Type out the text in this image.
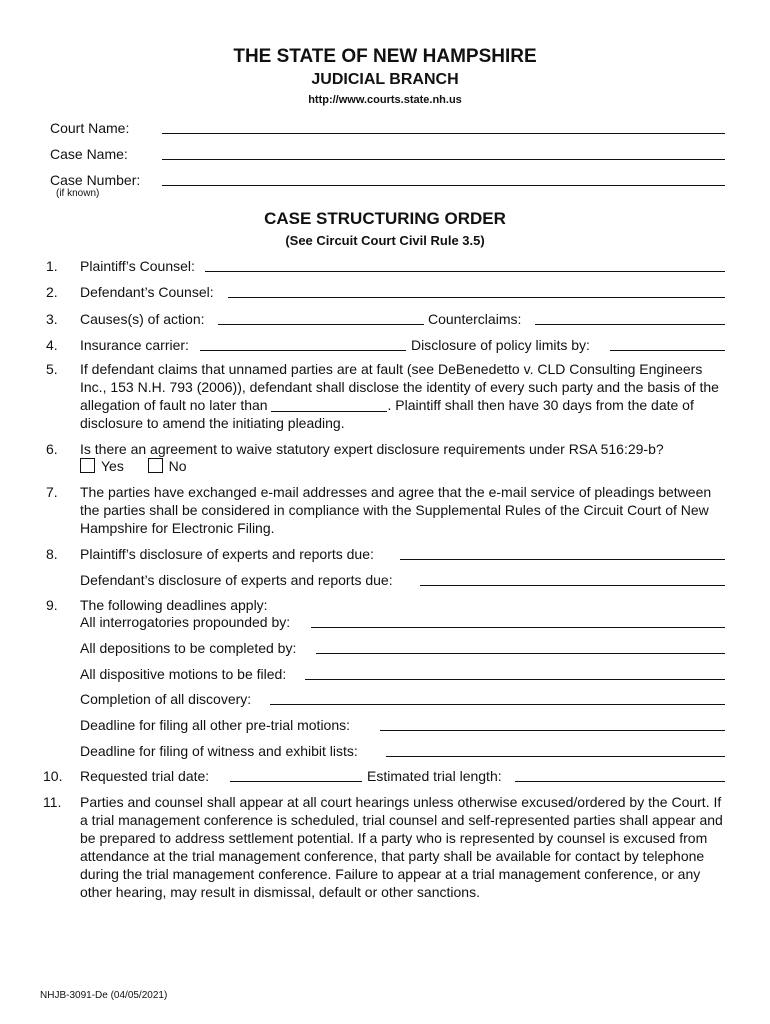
THE STATE OF NEW HAMPSHIRE
JUDICIAL BRANCH
http://www.courts.state.nh.us
Court Name:
Case Name:
Case Number:
(if known)
CASE STRUCTURING ORDER
(See Circuit Court Civil Rule 3.5)
1. Plaintiff’s Counsel:
2. Defendant’s Counsel:
3. Causes(s) of action:	Counterclaims:
4. Insurance carrier:	Disclosure of policy limits by:
5. If defendant claims that unnamed parties are at fault (see DeBenedetto v. CLD Consulting Engineers Inc., 153 N.H. 793 (2006)), defendant shall disclose the identity of every such party and the basis of the allegation of fault no later than	. Plaintiff shall then have 30 days from the date of disclosure to amend the initiating pleading.
6. Is there an agreement to waive statutory expert disclosure requirements under RSA 516:29-b?
Yes	No
7. The parties have exchanged e-mail addresses and agree that the e-mail service of pleadings between the parties shall be considered in compliance with the Supplemental Rules of the Circuit Court of New Hampshire for Electronic Filing.
8. Plaintiff’s disclosure of experts and reports due:
Defendant’s disclosure of experts and reports due:
9. The following deadlines apply:
All interrogatories propounded by:
All depositions to be completed by:
All dispositive motions to be filed:
Completion of all discovery:
Deadline for filing all other pre-trial motions:
Deadline for filing of witness and exhibit lists:
10. Requested trial date:	Estimated trial length:
11. Parties and counsel shall appear at all court hearings unless otherwise excused/ordered by the Court. If a trial management conference is scheduled, trial counsel and self-represented parties shall appear and be prepared to address settlement potential. If a party who is represented by counsel is excused from attendance at the trial management conference, that party shall be available for contact by telephone during the trial management conference. Failure to appear at a trial management conference, or any other hearing, may result in dismissal, default or other sanctions.
NHJB-3091-De (04/05/2021)
